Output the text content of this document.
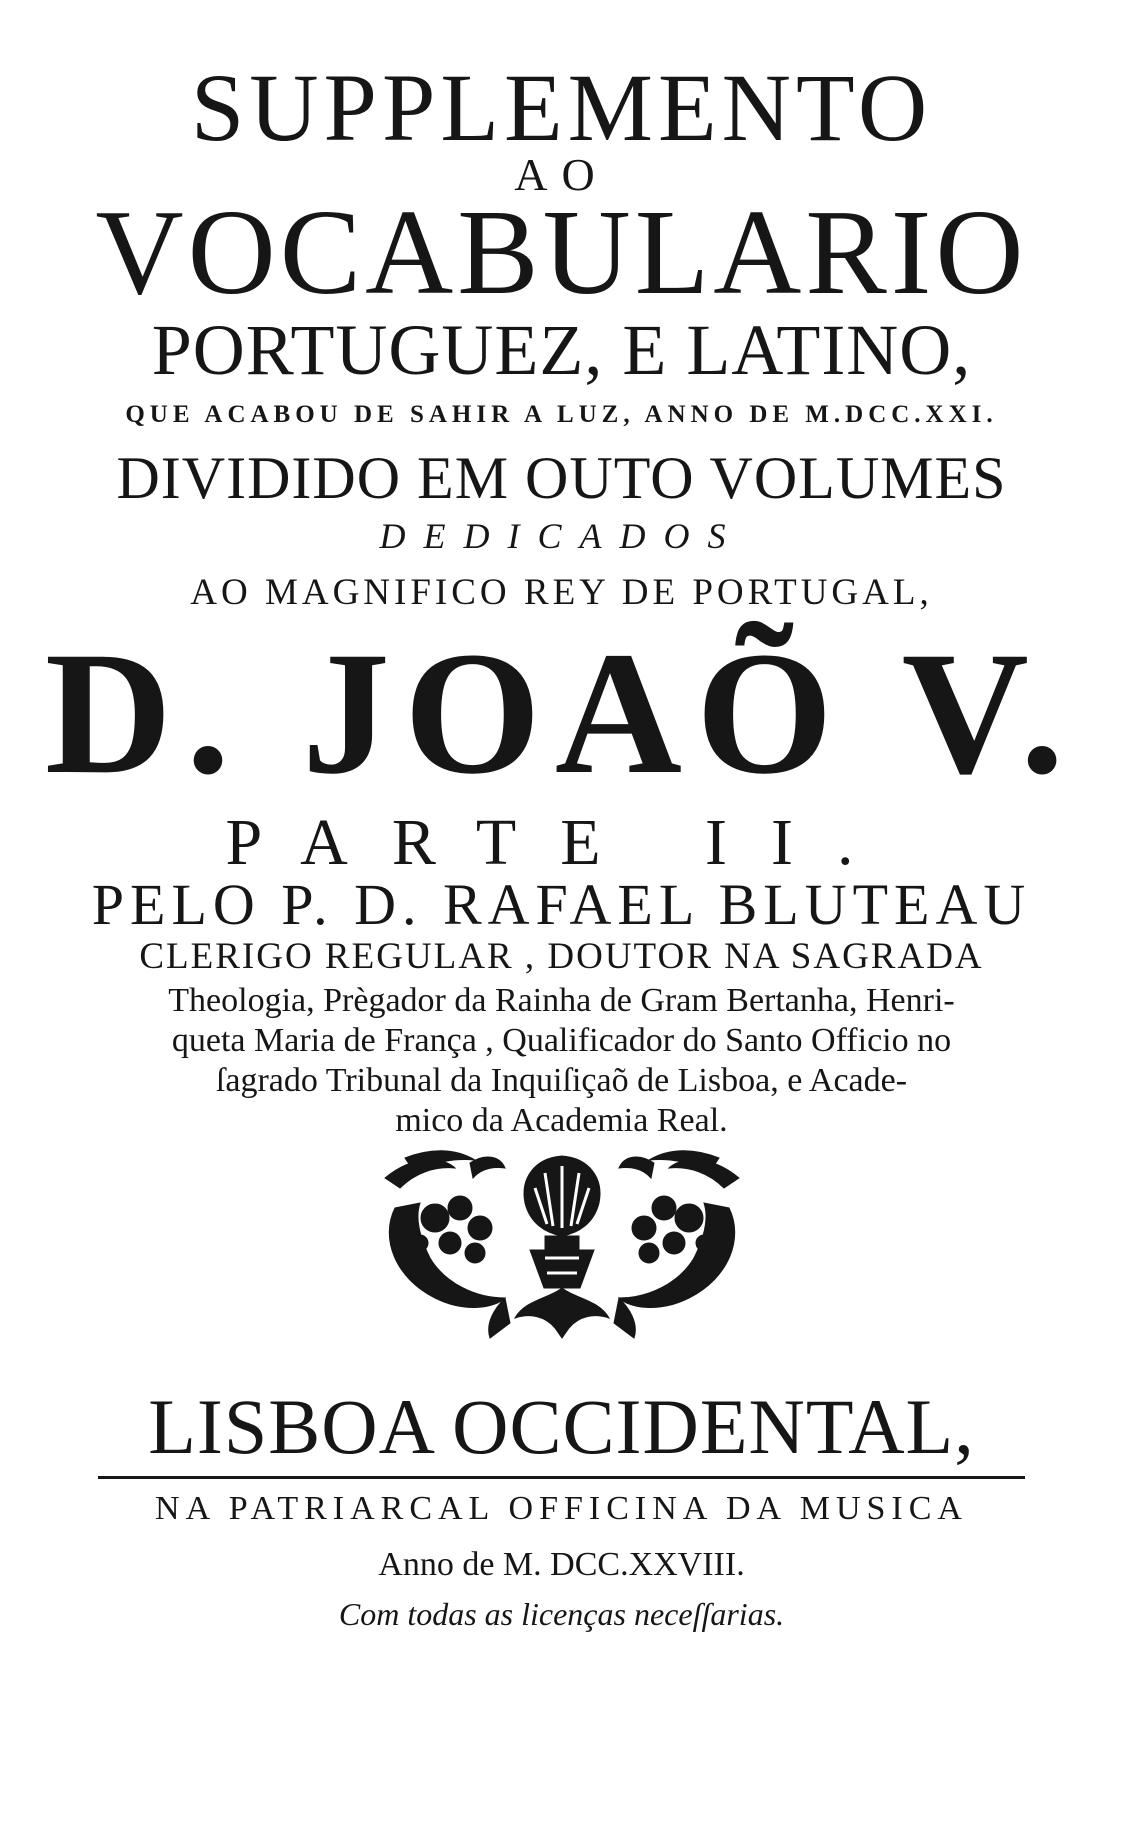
SUPPLEMENTO
AO
VOCABULARIO
PORTUGUEZ, E LATINO,
QUE ACABOU DE SAHIR A LUZ, ANNO DE M.DCC.XXI.
DIVIDIDO EM OUTO VOLUMES
DEDICADOS
AO MAGNIFICO REY DE PORTUGAL,
D. JOAÕ V.
PARTE II.
PELO P. D. RAFAEL BLUTEAU
CLERIGO REGULAR , DOUTOR NA SAGRADA
Theologia, Prègador da Rainha de Gram Bertanha, Henri-
queta Maria de França , Qualificador do Santo Officio no
ſagrado Tribunal da Inquiſiçaõ de Lisboa, e Acade-
mico da Academia Real.
LISBOA OCCIDENTAL,
NA PATRIARCAL OFFICINA DA MUSICA
Anno de M. DCC.XXVIII.
Com todas as licenças neceſſarias.
